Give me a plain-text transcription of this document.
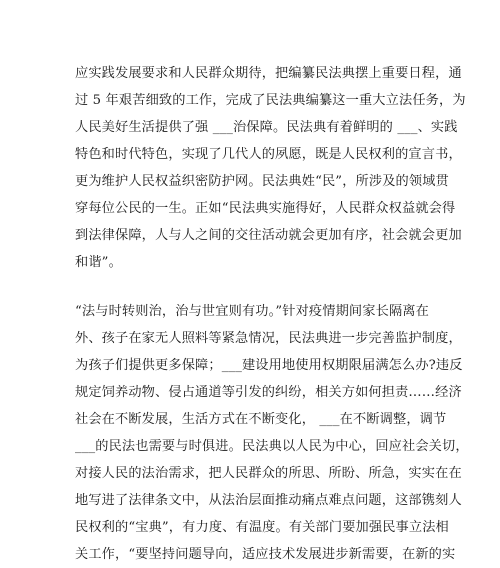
应实践发展要求和人民群众期待，把编纂民法典摆上重要日程，通
过 5 年艰苦细致的工作，完成了民法典编纂这一重大立法任务，为
人民美好生活提供了强 ___治保障。民法典有着鲜明的 ___、实践
特色和时代特色，实现了几代人的夙愿，既是人民权利的宣言书，
更为维护人民权益织密防护网。民法典姓“民”，所涉及的领域贯
穿每位公民的一生。正如“民法典实施得好，人民群众权益就会得
到法律保障，人与人之间的交往活动就会更加有序，社会就会更加
和谐”。
“法与时转则治，治与世宜则有功。”针对疫情期间家长隔离在
外、孩子在家无人照料等紧急情况，民法典进一步完善监护制度，
为孩子们提供更多保障；___建设用地使用权期限届满怎么办?违反
规定饲养动物、侵占通道等引发的纠纷，相关方如何担责……经济
社会在不断发展，生活方式在不断变化， ___在不断调整，调节
___的民法也需要与时俱进。民法典以人民为中心，回应社会关切，
对接人民的法治需求，把人民群众的所思、所盼、所急，实实在在
地写进了法律条文中，从法治层面推动痛点难点问题，这部镌刻人
民权利的“宝典”，有力度、有温度。有关部门要加强民事立法相
关工作，“要坚持问题导向，适应技术发展进步新需要，在新的实
